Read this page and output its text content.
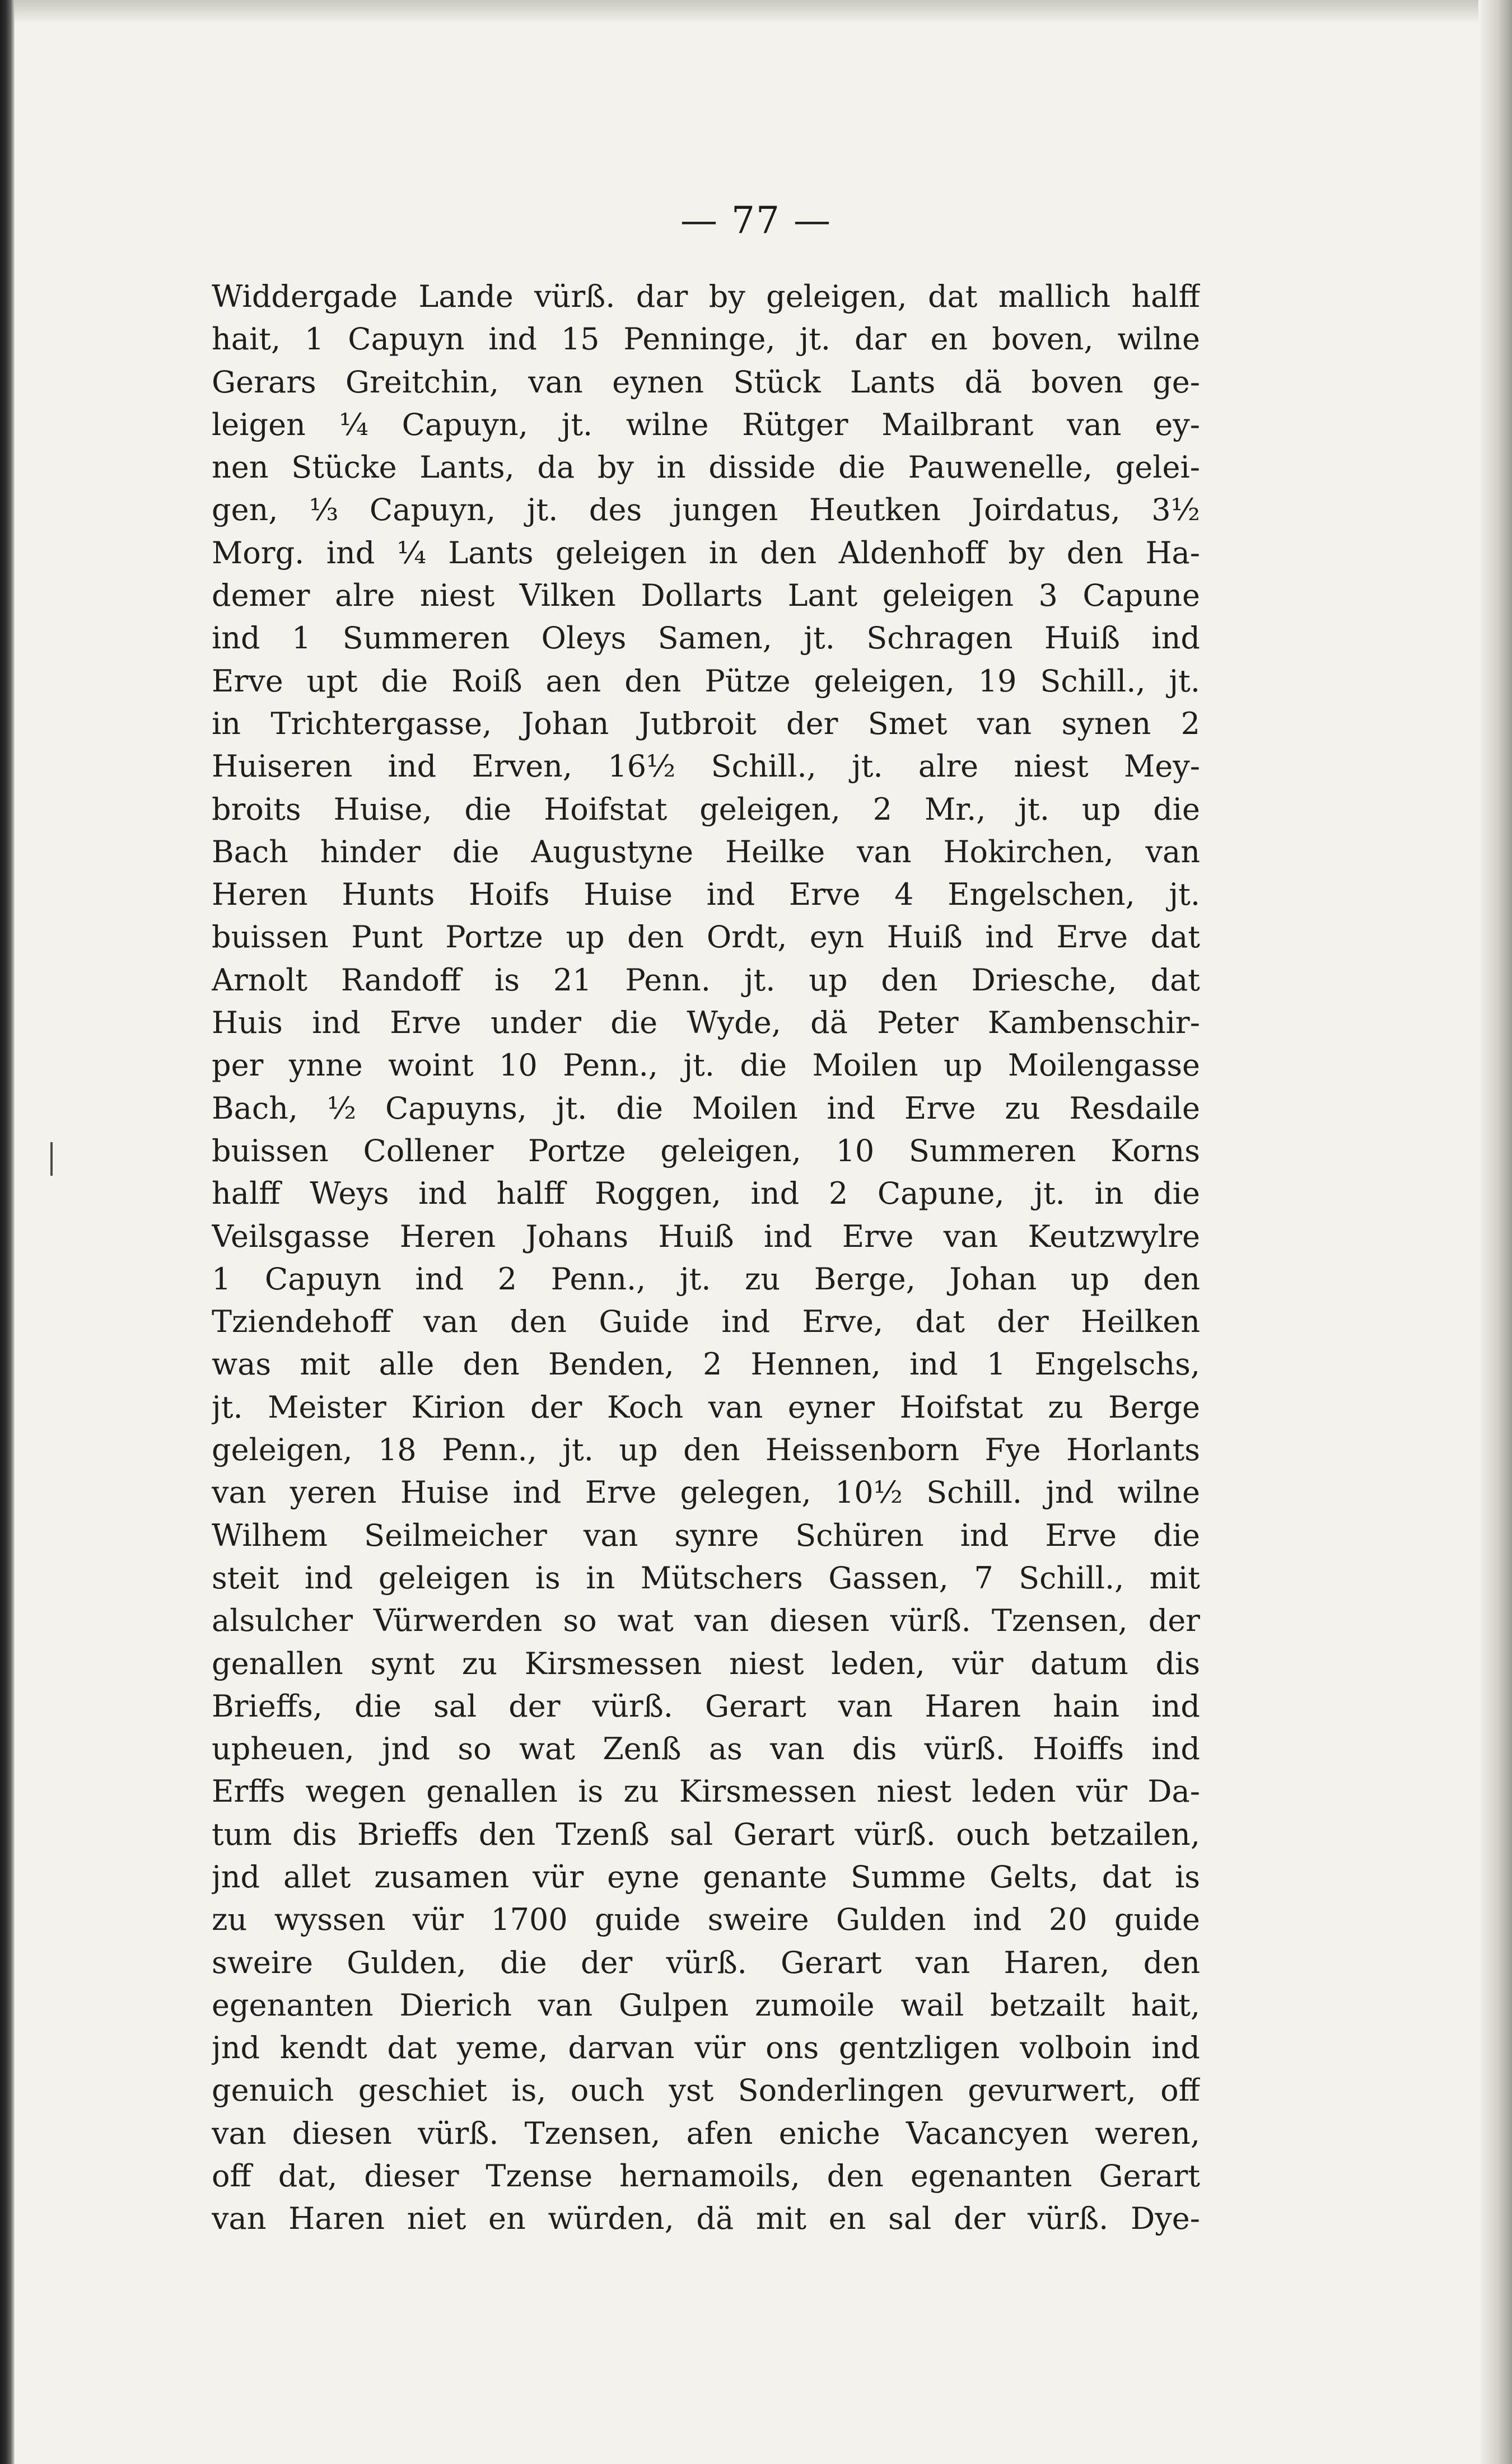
— 77 —
Widdergade Lande vürß. dar by geleigen, dat mallich halff
hait, 1 Capuyn ind 15 Penninge, jt. dar en boven, wilne
Gerars Greitchin, van eynen Stück Lants dä boven ge-
leigen ¼ Capuyn, jt. wilne Rütger Mailbrant van ey-
nen Stücke Lants, da by in disside die Pauwenelle, gelei-
gen, ⅓ Capuyn, jt. des jungen Heutken Joirdatus, 3½
Morg. ind ¼ Lants geleigen in den Aldenhoff by den Ha-
demer alre niest Vilken Dollarts Lant geleigen 3 Capune
ind 1 Summeren Oleys Samen, jt. Schragen Huiß ind
Erve upt die Roiß aen den Pütze geleigen, 19 Schill., jt.
in Trichtergasse, Johan Jutbroit der Smet van synen 2
Huiseren ind Erven, 16½ Schill., jt. alre niest Mey-
broits Huise, die Hoifstat geleigen, 2 Mr., jt. up die
Bach hinder die Augustyne Heilke van Hokirchen, van
Heren Hunts Hoifs Huise ind Erve 4 Engelschen, jt.
buissen Punt Portze up den Ordt, eyn Huiß ind Erve dat
Arnolt Randoff is 21 Penn. jt. up den Driesche, dat
Huis ind Erve under die Wyde, dä Peter Kambenschir-
per ynne woint 10 Penn., jt. die Moilen up Moilengasse
Bach, ½ Capuyns, jt. die Moilen ind Erve zu Resdaile
buissen Collener Portze geleigen, 10 Summeren Korns
halff Weys ind halff Roggen, ind 2 Capune, jt. in die
Veilsgasse Heren Johans Huiß ind Erve van Keutzwylre
1 Capuyn ind 2 Penn., jt. zu Berge, Johan up den
Tziendehoff van den Guide ind Erve, dat der Heilken
was mit alle den Benden, 2 Hennen, ind 1 Engelschs,
jt. Meister Kirion der Koch van eyner Hoifstat zu Berge
geleigen, 18 Penn., jt. up den Heissenborn Fye Horlants
van yeren Huise ind Erve gelegen, 10½ Schill. jnd wilne
Wilhem Seilmeicher van synre Schüren ind Erve die
steit ind geleigen is in Mütschers Gassen, 7 Schill., mit
alsulcher Vürwerden so wat van diesen vürß. Tzensen, der
genallen synt zu Kirsmessen niest leden, vür datum dis
Brieffs, die sal der vürß. Gerart van Haren hain ind
upheuen, jnd so wat Zenß as van dis vürß. Hoiffs ind
Erffs wegen genallen is zu Kirsmessen niest leden vür Da-
tum dis Brieffs den Tzenß sal Gerart vürß. ouch betzailen,
jnd allet zusamen vür eyne genante Summe Gelts, dat is
zu wyssen vür 1700 guide sweire Gulden ind 20 guide
sweire Gulden, die der vürß. Gerart van Haren, den
egenanten Dierich van Gulpen zumoile wail betzailt hait,
jnd kendt dat yeme, darvan vür ons gentzligen volboin ind
genuich geschiet is, ouch yst Sonderlingen gevurwert, off
van diesen vürß. Tzensen, afen eniche Vacancyen weren,
off dat, dieser Tzense hernamoils, den egenanten Gerart
van Haren niet en würden, dä mit en sal der vürß. Dye-
